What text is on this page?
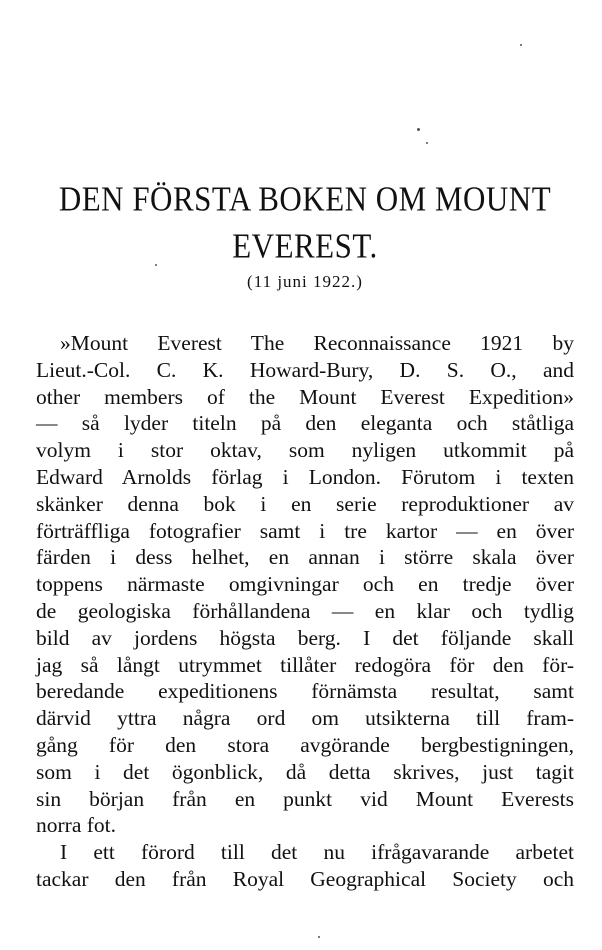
DEN FÖRSTA BOKEN OM MOUNT
EVEREST.
(11 juni 1922.)
»Mount Everest The Reconnaissance 1921 by
Lieut.-Col. C. K. Howard-Bury, D. S. O., and
other members of the Mount Everest Expedition»
— så lyder titeln på den eleganta och ståtliga
volym i stor oktav, som nyligen utkommit på
Edward Arnolds förlag i London. Förutom i texten
skänker denna bok i en serie reproduktioner av
förträffliga fotografier samt i tre kartor — en över
färden i dess helhet, en annan i större skala över
toppens närmaste omgivningar och en tredje över
de geologiska förhållandena — en klar och tydlig
bild av jordens högsta berg. I det följande skall
jag så långt utrymmet tillåter redogöra för den för-
beredande expeditionens förnämsta resultat, samt
därvid yttra några ord om utsikterna till fram-
gång för den stora avgörande bergbestigningen,
som i det ögonblick, då detta skrives, just tagit
sin början från en punkt vid Mount Everests
norra fot.
I ett förord till det nu ifrågavarande arbetet
tackar den från Royal Geographical Society och
